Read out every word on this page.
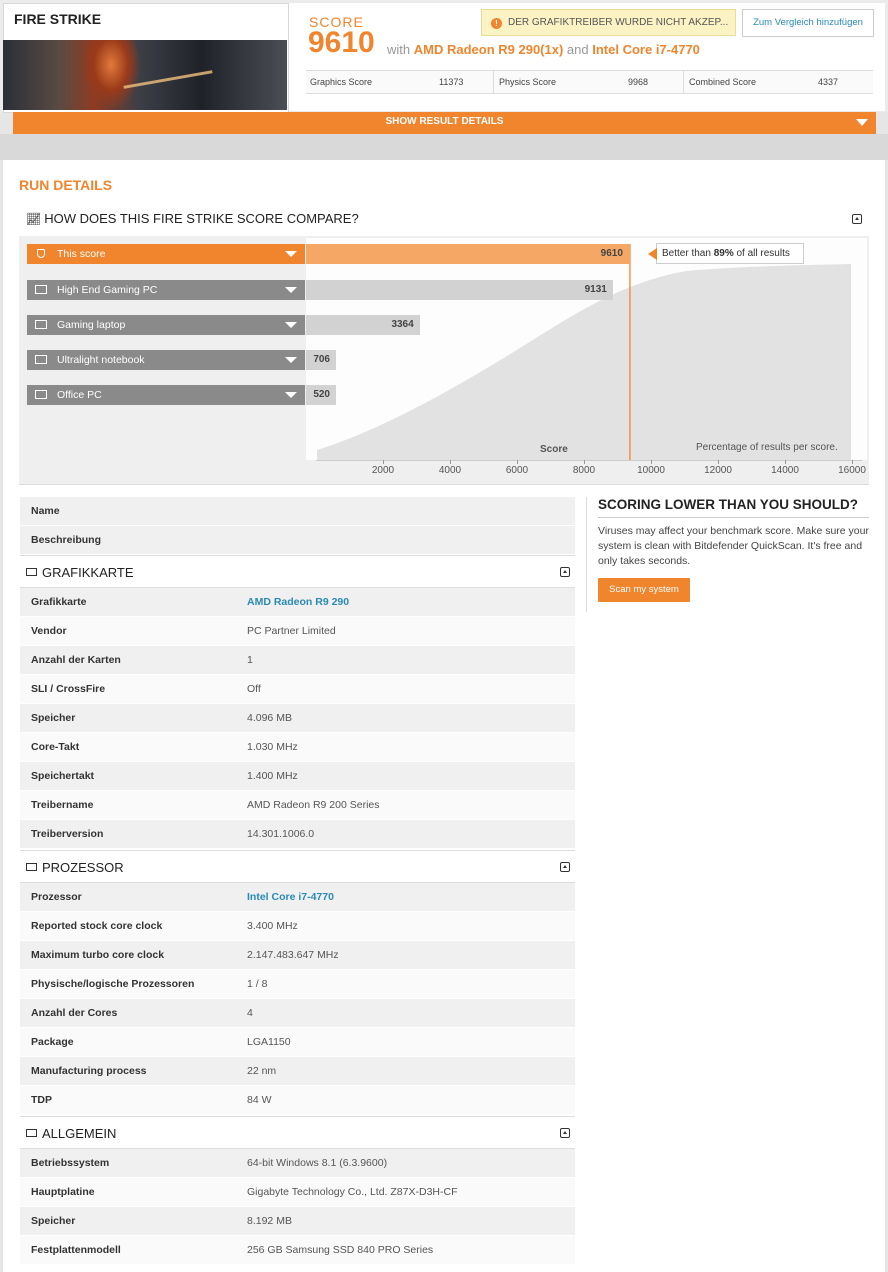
FIRE STRIKE	SCORE
9610 with AMD Radeon R9 290(1x) and Intel Core i7-4770
!	DER GRAFIKTREIBER WURDE NICHT AKZEP...	Zum Vergleich hinzufügen
Graphics Score	11373	Physics Score	9968	Combined Score	4337
SHOW RESULT DETAILS
RUN DETAILS
📈︎ HOW DOES THIS FIRE STRIKE SCORE COMPARE?
This score	9610
High End Gaming PC	9131
Gaming laptop	3364
Ultralight notebook	706
Office PC	520
Better than 89% of all results
Score	Percentage of results per score.
2000	4000	6000	8000	10000	12000	14000	16000
Name
Beschreibung
GRAFIKKARTE
Grafikkarte	AMD Radeon R9 290
Vendor	PC Partner Limited
Anzahl der Karten	1
SLI / CrossFire	Off
Speicher	4.096 MB
Core-Takt	1.030 MHz
Speichertakt	1.400 MHz
Treibername	AMD Radeon R9 200 Series
Treiberversion	14.301.1006.0
PROZESSOR
Prozessor	Intel Core i7-4770
Reported stock core clock	3.400 MHz
Maximum turbo core clock	2.147.483.647 MHz
Physische/logische Prozessoren	1 / 8
Anzahl der Cores	4
Package	LGA1150
Manufacturing process	22 nm
TDP	84 W
ALLGEMEIN
Betriebssystem	64-bit Windows 8.1 (6.3.9600)
Hauptplatine	Gigabyte Technology Co., Ltd. Z87X-D3H-CF
Speicher	8.192 MB
Festplattenmodell	256 GB Samsung SSD 840 PRO Series
SCORING LOWER THAN YOU SHOULD?
Viruses may affect your benchmark score. Make sure your system is clean with Bitdefender QuickScan. It's free and only takes seconds.
Scan my system
